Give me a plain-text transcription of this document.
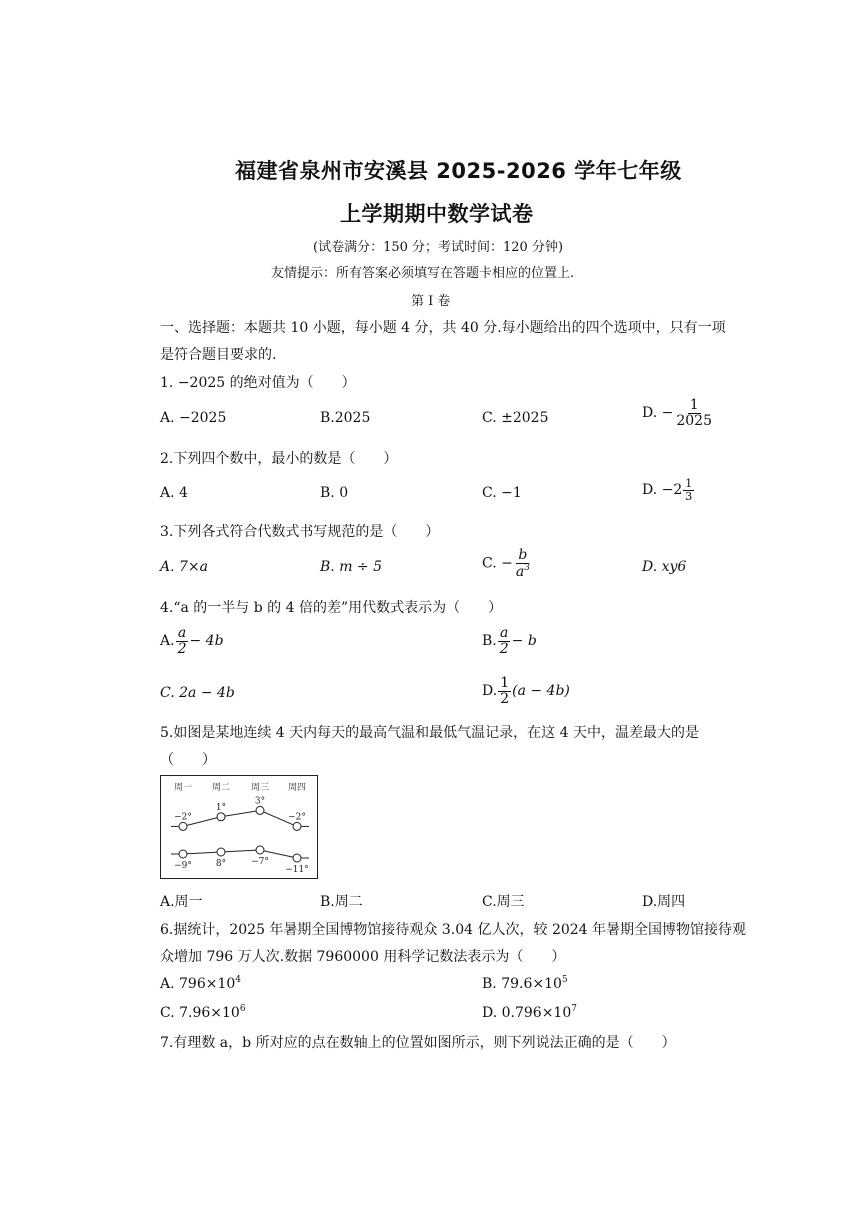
福建省泉州市安溪县 2025-2026 学年七年级
上学期期中数学试卷
(试卷满分：150 分；考试时间：120 分钟)
友情提示：所有答案必须填写在答题卡相应的位置上.
第 I 卷
一、选择题：本题共 10 小题，每小题 4 分，共 40 分.每小题给出的四个选项中，只有一项
是符合题目要求的.
1. −2025 的绝对值为（　　）
A. −2025	B.2025	C. ±2025	D. − $\frac{1}{2025}$
2.下列四个数中，最小的数是（　　）
A. 4	B. 0	C. −1	D. $-2 \frac{1}{3}$
3.下列各式符合代数式书写规范的是（　　）
A. 7×a	B. m ÷ 5	C. − $\frac{b}{a^3}$	D. xy6
4.“a 的一半与 b 的 4 倍的差”用代数式表示为（　　）
A. $\frac{a}{2} - 4b$	B. $\frac{a}{2} - b$
C. 2a − 4b	D. $\frac{1}{2} (a - 4b)$
5.如图是某地连续 4 天内每天的最高气温和最低气温记录，在这 4 天中，温差最大的是
（　　）
周一 周二 周三 周四
−2°
1°
3°
−2°
−9°	8°	−7°
−11°
A.周一	B.周二	C.周三	D.周四
6.据统计，2025 年暑期全国博物馆接待观众 3.04 亿人次，较 2024 年暑期全国博物馆接待观
众增加 796 万人次.数据 7960000 用科学记数法表示为（　　）
A. $796\times 10^4$	B. $79.6\times 10^5$
C. $7.96\times 10^6$	D. $0.796\times 10^7$
7.有理数 a，b 所对应的点在数轴上的位置如图所示，则下列说法正确的是（　　）
